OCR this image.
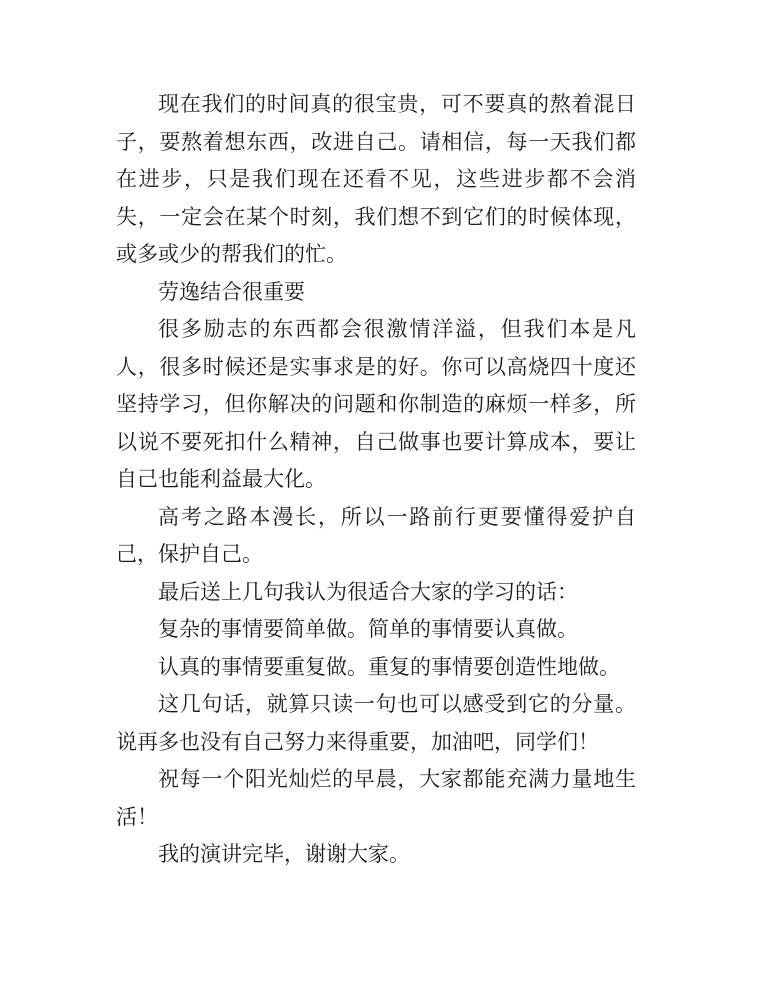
现在我们的时间真的很宝贵，可不要真的熬着混日子，要熬着想东西，改进自己。请相信，每一天我们都在进步，只是我们现在还看不见，这些进步都不会消失，一定会在某个时刻，我们想不到它们的时候体现，或多或少的帮我们的忙。

劳逸结合很重要

很多励志的东西都会很激情洋溢，但我们本是凡人，很多时候还是实事求是的好。你可以高烧四十度还坚持学习，但你解决的问题和你制造的麻烦一样多，所以说不要死扣什么精神，自己做事也要计算成本，要让自己也能利益最大化。

高考之路本漫长，所以一路前行更要懂得爱护自己，保护自己。

最后送上几句我认为很适合大家的学习的话：

复杂的事情要简单做。简单的事情要认真做。

认真的事情要重复做。重复的事情要创造性地做。

这几句话，就算只读一句也可以感受到它的分量。说再多也没有自己努力来得重要，加油吧，同学们！

祝每一个阳光灿烂的早晨，大家都能充满力量地生活！

我的演讲完毕，谢谢大家。
